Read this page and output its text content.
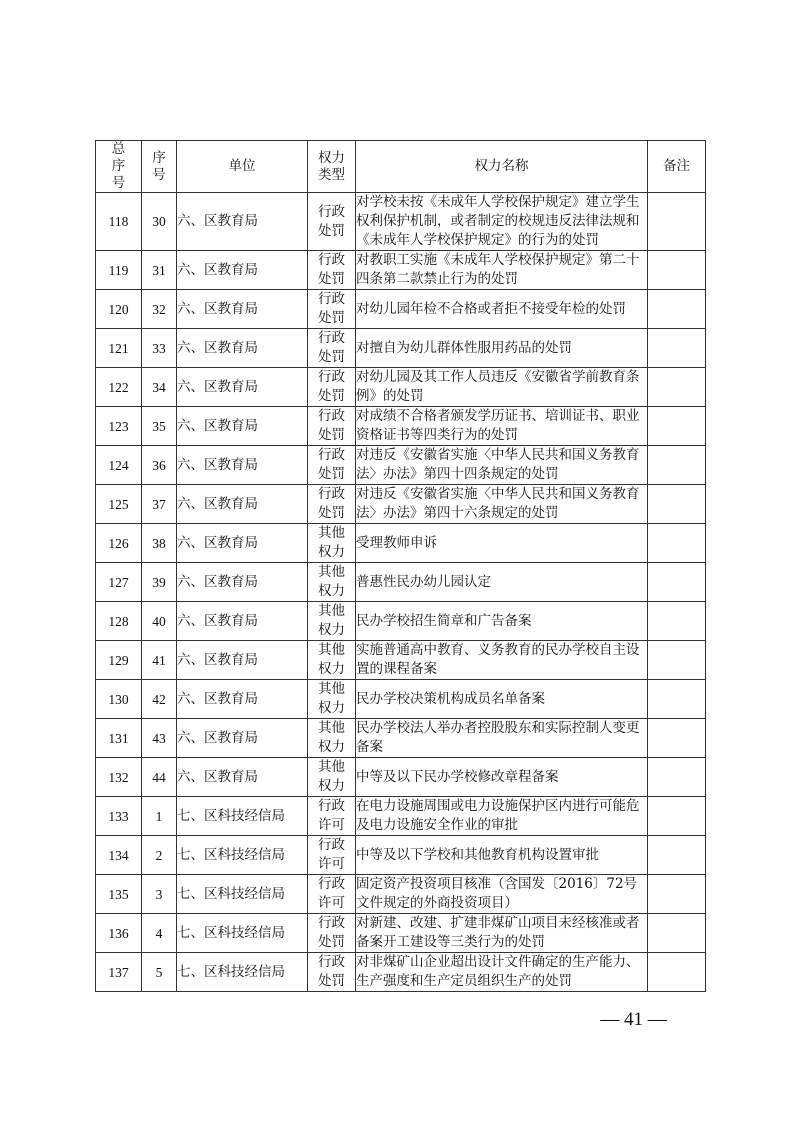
总序号	序号	单位	权力类型	权力名称	备注
118	30	六、区教育局	行政处罚	对学校未按《未成年人学校保护规定》建立学生权利保护机制，或者制定的校规违反法律法规和《未成年人学校保护规定》的行为的处罚	
119	31	六、区教育局	行政处罚	对教职工实施《未成年人学校保护规定》第二十四条第二款禁止行为的处罚	
120	32	六、区教育局	行政处罚	对幼儿园年检不合格或者拒不接受年检的处罚	
121	33	六、区教育局	行政处罚	对擅自为幼儿群体性服用药品的处罚	
122	34	六、区教育局	行政处罚	对幼儿园及其工作人员违反《安徽省学前教育条例》的处罚	
123	35	六、区教育局	行政处罚	对成绩不合格者颁发学历证书、培训证书、职业资格证书等四类行为的处罚	
124	36	六、区教育局	行政处罚	对违反《安徽省实施〈中华人民共和国义务教育法〉办法》第四十四条规定的处罚	
125	37	六、区教育局	行政处罚	对违反《安徽省实施〈中华人民共和国义务教育法〉办法》第四十六条规定的处罚	
126	38	六、区教育局	其他权力	受理教师申诉	
127	39	六、区教育局	其他权力	普惠性民办幼儿园认定	
128	40	六、区教育局	其他权力	民办学校招生简章和广告备案	
129	41	六、区教育局	其他权力	实施普通高中教育、义务教育的民办学校自主设置的课程备案	
130	42	六、区教育局	其他权力	民办学校决策机构成员名单备案	
131	43	六、区教育局	其他权力	民办学校法人举办者控股股东和实际控制人变更备案	
132	44	六、区教育局	其他权力	中等及以下民办学校修改章程备案	
133	1	七、区科技经信局	行政许可	在电力设施周围或电力设施保护区内进行可能危及电力设施安全作业的审批	
134	2	七、区科技经信局	行政许可	中等及以下学校和其他教育机构设置审批	
135	3	七、区科技经信局	行政许可	固定资产投资项目核准（含国发〔2016〕72号文件规定的外商投资项目）	
136	4	七、区科技经信局	行政处罚	对新建、改建、扩建非煤矿山项目未经核准或者备案开工建设等三类行为的处罚	
137	5	七、区科技经信局	行政处罚	对非煤矿山企业超出设计文件确定的生产能力、生产强度和生产定员组织生产的处罚	
— 41 —
